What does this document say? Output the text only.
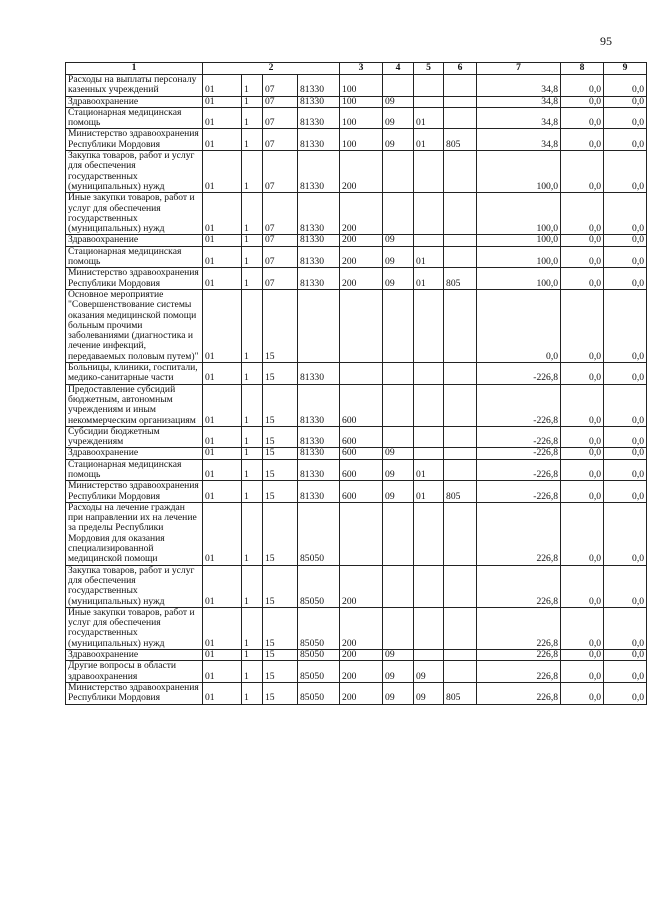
95
1	2				3	4	5	6	7	8	9
Расходы на выплаты персоналу казенных учреждений	01	1	07	81330	100				34,8	0,0	0,0
Здравоохранение	01	1	07	81330	100	09			34,8	0,0	0,0
Стационарная медицинская помощь	01	1	07	81330	100	09	01		34,8	0,0	0,0
Министерство здравоохранения Республики Мордовия	01	1	07	81330	100	09	01	805	34,8	0,0	0,0
Закупка товаров, работ и услуг для обеспечения государственных (муниципальных) нужд	01	1	07	81330	200				100,0	0,0	0,0
Иные закупки товаров, работ и услуг для обеспечения государственных (муниципальных) нужд	01	1	07	81330	200				100,0	0,0	0,0
Здравоохранение	01	1	07	81330	200	09			100,0	0,0	0,0
Стационарная медицинская помощь	01	1	07	81330	200	09	01		100,0	0,0	0,0
Министерство здравоохранения Республики Мордовия	01	1	07	81330	200	09	01	805	100,0	0,0	0,0
Основное мероприятие "Совершенствование системы оказания медицинской помощи больным прочими заболеваниями (диагностика и лечение инфекций, передаваемых половым путем)"	01	1	15						0,0	0,0	0,0
Больницы, клиники, госпитали, медико-санитарные части	01	1	15	81330					-226,8	0,0	0,0
Предоставление субсидий бюджетным, автономным учреждениям и иным некоммерческим организациям	01	1	15	81330	600				-226,8	0,0	0,0
Субсидии бюджетным учреждениям	01	1	15	81330	600				-226,8	0,0	0,0
Здравоохранение	01	1	15	81330	600	09			-226,8	0,0	0,0
Стационарная медицинская помощь	01	1	15	81330	600	09	01		-226,8	0,0	0,0
Министерство здравоохранения Республики Мордовия	01	1	15	81330	600	09	01	805	-226,8	0,0	0,0
Расходы на лечение граждан при направлении их на лечение за пределы Республики Мордовия для оказания специализированной медицинской помощи	01	1	15	85050					226,8	0,0	0,0
Закупка товаров, работ и услуг для обеспечения государственных (муниципальных) нужд	01	1	15	85050	200				226,8	0,0	0,0
Иные закупки товаров, работ и услуг для обеспечения государственных (муниципальных) нужд	01	1	15	85050	200				226,8	0,0	0,0
Здравоохранение	01	1	15	85050	200	09			226,8	0,0	0,0
Другие вопросы в области здравоохранения	01	1	15	85050	200	09	09		226,8	0,0	0,0
Министерство здравоохранения Республики Мордовия	01	1	15	85050	200	09	09	805	226,8	0,0	0,0
